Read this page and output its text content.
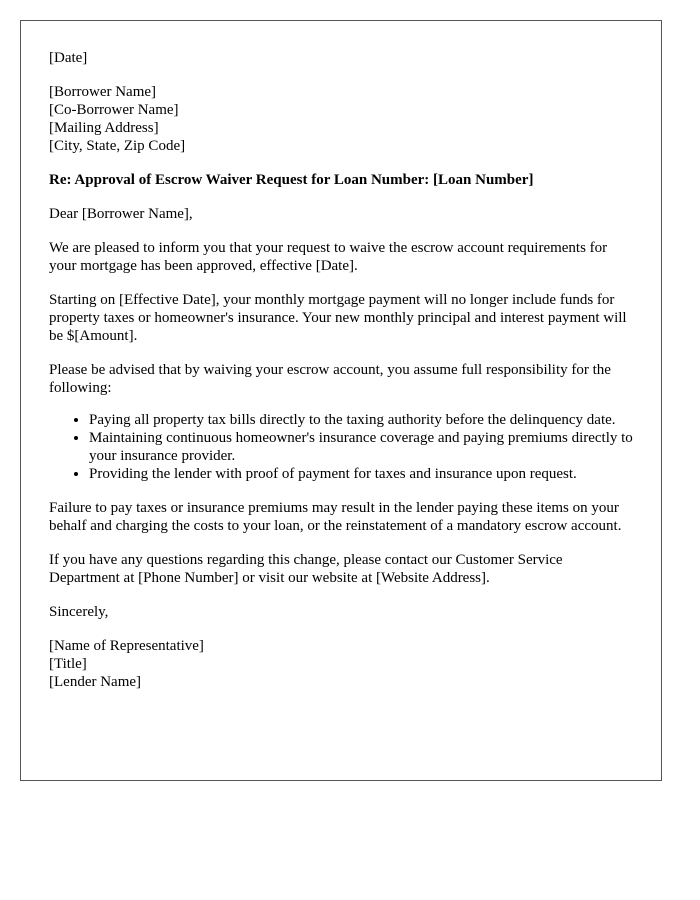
[Date]

[Borrower Name]
[Co-Borrower Name]
[Mailing Address]
[City, State, Zip Code]

Re: Approval of Escrow Waiver Request for Loan Number: [Loan Number]

Dear [Borrower Name],

We are pleased to inform you that your request to waive the escrow account requirements for your mortgage has been approved, effective [Date].

Starting on [Effective Date], your monthly mortgage payment will no longer include funds for property taxes or homeowner's insurance. Your new monthly principal and interest payment will be $[Amount].

Please be advised that by waiving your escrow account, you assume full responsibility for the following:

• Paying all property tax bills directly to the taxing authority before the delinquency date.
• Maintaining continuous homeowner's insurance coverage and paying premiums directly to your insurance provider.
• Providing the lender with proof of payment for taxes and insurance upon request.

Failure to pay taxes or insurance premiums may result in the lender paying these items on your behalf and charging the costs to your loan, or the reinstatement of a mandatory escrow account.

If you have any questions regarding this change, please contact our Customer Service Department at [Phone Number] or visit our website at [Website Address].

Sincerely,

[Name of Representative]
[Title]
[Lender Name]
